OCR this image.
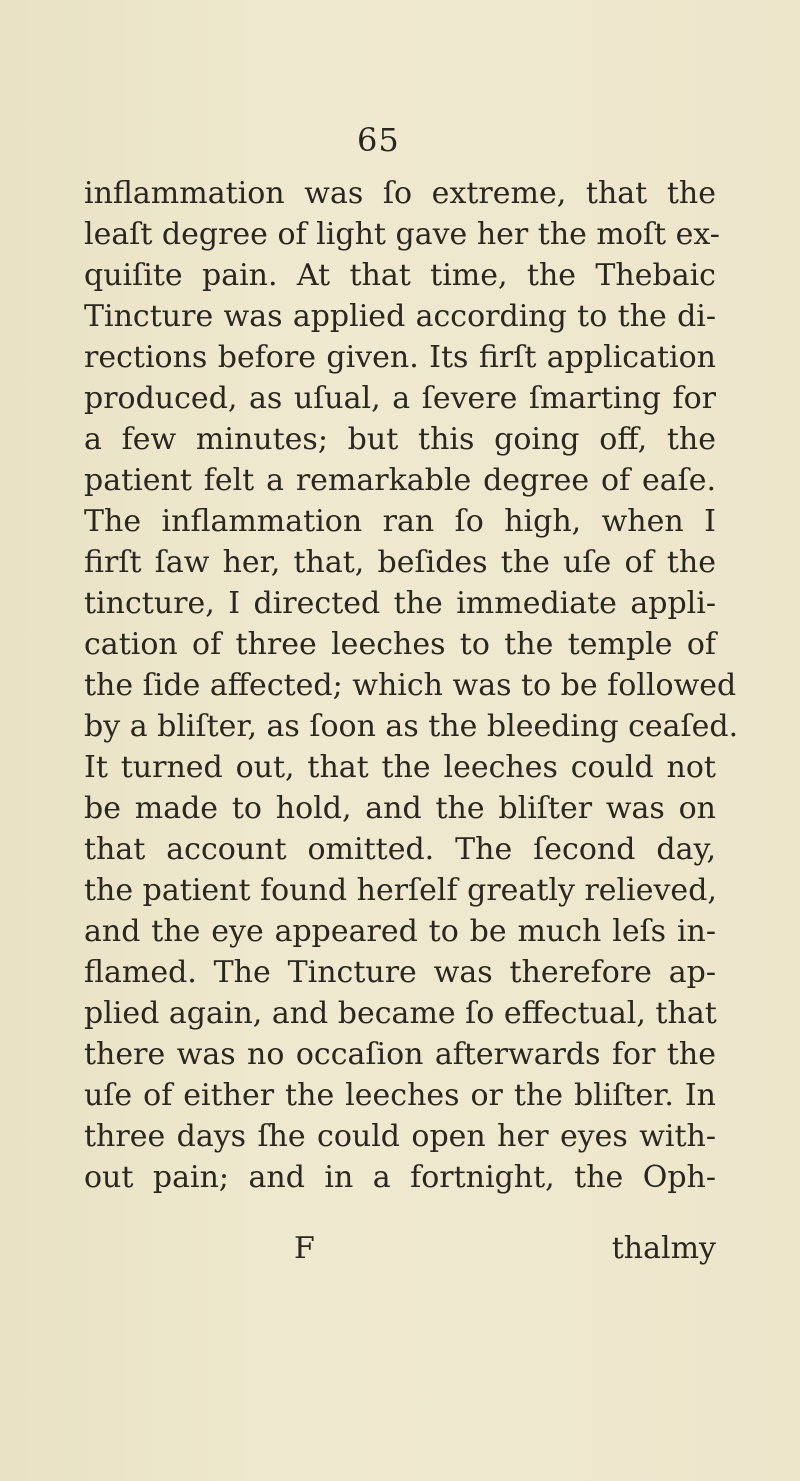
65
inflammation was ſo extreme, that the
leaſt degree of light gave her the moſt ex-
quiſite pain. At that time, the Thebaic
Tincture was applied according to the di-
rections before given. Its firſt application
produced, as uſual, a ſevere ſmarting for
a few minutes; but this going off, the
patient felt a remarkable degree of eaſe.
The inflammation ran ſo high, when I
firſt ſaw her, that, beſides the uſe of the
tincture, I directed the immediate appli-
cation of three leeches to the temple of
the ſide affected; which was to be followed
by a bliſter, as ſoon as the bleeding ceaſed.
It turned out, that the leeches could not
be made to hold, and the bliſter was on
that account omitted. The ſecond day,
the patient found herſelf greatly relieved,
and the eye appeared to be much leſs in-
flamed. The Tincture was therefore ap-
plied again, and became ſo effectual, that
there was no occaſion afterwards for the
uſe of either the leeches or the bliſter. In
three days ſhe could open her eyes with-
out pain; and in a fortnight, the Oph-
F	thalmy
